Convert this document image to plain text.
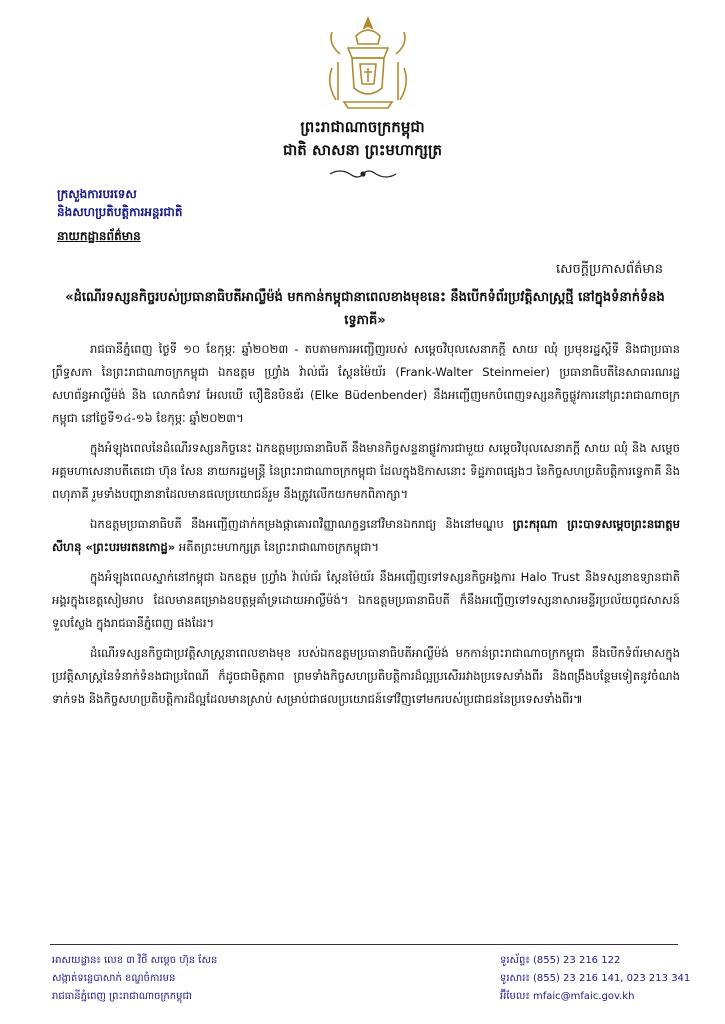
ព្រះរាជាណាចក្រកម្ពុជា
ជាតិ សាសនា ព្រះមហាក្សត្រ
ក្រសួងការបរទេស
និងសហប្រតិបត្តិការអន្តរជាតិ
នាយកដ្ឋានព័ត៌មាន
សេចក្តីប្រកាសព័ត៌មាន
«ដំណើរទស្សនកិច្ចរបស់ប្រធានាធិបតីអាល្លឺម៉ង់ មកកាន់កម្ពុជានាពេលខាងមុខនេះ នឹងបើកទំព័រប្រវត្តិសាស្ត្រថ្មី នៅក្នុងទំនាក់ទំនងទ្វេភាគី»

រាជធានីភ្នំពេញ ថ្ងៃទី ១០ ខែកុម្ភៈ ឆ្នាំ២០២៣ - តបតាមការអញ្ជើញរបស់ សម្តេចវិបុលសេនាភក្តី សាយ ឈុំ ប្រមុខរដ្ឋស្តីទី និងជាប្រធានព្រឹទ្ធសភា នៃព្រះរាជាណាចក្រកម្ពុជា ឯកឧត្តម ហ្វ្រាំង វ៉ាល់ធ័រ ស្តែនម៉ៃយ័រ (Frank-Walter Steinmeier) ប្រធានាធិបតីនៃសាធារណរដ្ឋសហព័ន្ធអាល្លឺម៉ង់ និង លោកជំទាវ អែលឃើ បឿឌិនបិនឌ័រ (Elke Büdenbender) នឹងអញ្ជើញមកបំពេញទស្សនកិច្ចផ្លូវការនៅព្រះរាជាណាចក្រកម្ពុជា នៅថ្ងៃទី១៤-១៦ ខែកុម្ភៈ ឆ្នាំ២០២៣។

ក្នុងអំឡុងពេលនៃដំណើរទស្សនកិច្ចនេះ ឯកឧត្តមប្រធានាធិបតី នឹងមានកិច្ចសន្ទនាផ្លូវការជាមួយ សម្តេចវិបុលសេនាភក្តី សាយ ឈុំ និង សម្តេចអគ្គមហាសេនាបតីតេជោ ហ៊ុន សែន នាយករដ្ឋមន្ត្រី នៃព្រះរាជាណាចក្រកម្ពុជា ដែលក្នុងឱកាសនោះ ទិដ្ឋភាពផ្សេងៗ នៃកិច្ចសហប្រតិបត្តិការទ្វេភាគី និងពហុភាគី រួមទាំងបញ្ហានានាដែលមានផលប្រយោជន៍រួម នឹងត្រូវលើកយកមកពិភាក្សា។

ឯកឧត្តមប្រធានាធិបតី នឹងអញ្ជើញដាក់កម្រងផ្កាគោរពវិញ្ញាណក្ខន្ធនៅវិមានឯករាជ្យ និងនៅមណ្ឌប ព្រះករុណា ព្រះបាទសម្តេចព្រះនរោត្តម សីហនុ «ព្រះបរមរតនកោដ្ឋ» អតីតព្រះមហាក្សត្រ នៃព្រះរាជាណាចក្រកម្ពុជា។

ក្នុងអំឡុងពេលស្នាក់នៅកម្ពុជា ឯកឧត្តម ហ្វ្រាំង វ៉ាល់ធ័រ ស្តែនម៉ៃយ័រ នឹងអញ្ជើញទៅទស្សនកិច្ចអង្គការ Halo Trust និងទស្សនាឧទ្យានជាតិអង្គរក្នុងខេត្តសៀមរាប ដែលមានគម្រោងឧបត្ថម្ភគាំទ្រដោយអាល្លឺម៉ង់។ ឯកឧត្តមប្រធានាធិបតី ក៏នឹងអញ្ជើញទៅទស្សនាសារមន្ទីរប្រល័យពូជសាសន៍ទួលស្លែង ក្នុងរាជធានីភ្នំពេញ ផងដែរ។

ដំណើរទស្សនកិច្ចជាប្រវត្តិសាស្ត្រនាពេលខាងមុខ របស់ឯកឧត្តមប្រធានាធិបតីអាល្លឺម៉ង់ មកកាន់ព្រះរាជាណាចក្រកម្ពុជា នឹងបើកទំព័រមាសក្នុងប្រវត្តិសាស្ត្រនៃទំនាក់ទំនងជាប្រពៃណី ក៏ដូចជាមិត្តភាព ព្រមទាំងកិច្ចសហប្រតិបត្តិការដ៏ល្អប្រសើររវាងប្រទេសទាំងពីរ និងពង្រឹងបន្ថែមទៀតនូវចំណងទាក់ទង និងកិច្ចសហប្រតិបត្តិការដ៏ល្អដែលមានស្រាប់ សម្រាប់ជាផលប្រយោជន៍ទៅវិញទៅមករបស់ប្រជាជននៃប្រទេសទាំងពីរ៕

អាសយដ្ឋាន៖ លេខ ៣ វិថី សម្តេច ហ៊ុន សែន
សង្កាត់ទន្លេបាសាក់ ខណ្ឌចំការមន
រាជធានីភ្នំពេញ ព្រះរាជាណាចក្រកម្ពុជា
ទូរស័ព្ទ៖ (855) 23 216 122
ទូរសារ៖ (855) 23 216 141, 023 213 341
អ៊ីមែល៖ mfaic@mfaic.gov.kh
